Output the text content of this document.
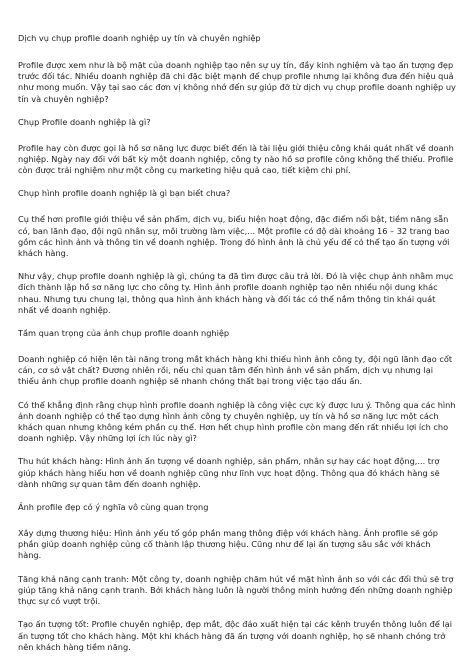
Dịch vụ chụp profile doanh nghiệp uy tín và chuyên nghiệp

Profile được xem như là bộ mặt của doanh nghiệp tạo nên sự uy tín, đầy kinh nghiệm và tạo ấn tượng đẹp trước đối tác. Nhiều doanh nghiệp đã chi đặc biệt mạnh để chụp profile nhưng lại không đưa đến hiệu quả như mong muốn. Vậy tại sao các đơn vị không nhớ đến sự giúp đỡ từ dịch vụ chụp profile doanh nghiệp uy tín và chuyên nghiệp?

Chụp Profile doanh nghiệp là gì?

Profile hay còn được gọi là hồ sơ năng lực được biết đến là tài liệu giới thiệu công khái quát nhất về doanh nghiệp. Ngày nay đối với bất kỳ một doanh nghiệp, công ty nào hồ sơ profile công không thể thiếu. Profile còn được trải nghiệm như một công cụ marketing hiệu quả cao, tiết kiệm chi phí.

Chụp hình profile doanh nghiệp là gì bạn biết chưa?

Cụ thể hơn profile giới thiệu về sản phẩm, dịch vụ, biểu hiện hoạt động, đặc điểm nổi bật, tiềm năng sẵn có, ban lãnh đạo, đội ngũ nhân sự, môi trường làm việc,... Một profile có độ dài khoảng 16 – 32 trang bao gồm các hình ảnh và thông tin về doanh nghiệp. Trong đó hình ảnh là chủ yếu để có thể tạo ấn tượng với khách hàng.

Như vậy, chụp profile doanh nghiệp là gì, chúng ta đã tìm được câu trả lời. Đó là việc chụp ảnh nhằm mục đích thành lập hồ sơ năng lực cho công ty. Hình ảnh profile doanh nghiệp tạo nên nhiều nội dung khác nhau. Nhưng tựu chung lại, thông qua hình ảnh khách hàng và đối tác có thể nắm thông tin khái quát nhất về doanh nghiệp.

Tầm quan trọng của ảnh chụp profile doanh nghiệp

Doanh nghiệp có hiện lên tài năng trong mắt khách hàng khi thiếu hình ảnh công ty, đội ngũ lãnh đạo cốt cán, cơ sở vật chất? Đương nhiên rồi, nếu chỉ quan tâm đến hình ảnh về sản phẩm, dịch vụ nhưng lại thiếu ảnh chụp profile doanh nghiệp sẽ nhanh chóng thất bại trong việc tạo dấu ấn.

Có thể khẳng định rằng chụp hình profile doanh nghiệp là công việc cực kỳ được lưu ý. Thông qua các hình ảnh doanh nghiệp có thể tạo dựng hình ảnh công ty chuyên nghiệp, uy tín và hồ sơ năng lực một cách khách quan nhưng không kém phần cụ thể. Hơn hết chụp hình profile còn mang đến rất nhiều lợi ích cho doanh nghiệp. Vậy những lợi ích lúc này gì?

Thu hút khách hàng: Hình ảnh ấn tượng về doanh nghiệp, sản phẩm, nhân sự hay các hoạt động,... trợ giúp khách hàng hiểu hơn về doanh nghiệp cũng như lĩnh vực hoạt động. Thông qua đó khách hàng sẽ dành những sự quan tâm đến doanh nghiệp.

Ảnh profile đẹp có ý nghĩa vô cùng quan trọng

Xây dựng thương hiệu: Hình ảnh yếu tố góp phần mang thông điệp với khách hàng. Ảnh profile sẽ góp phần giúp doanh nghiệp củng cố thành lập thương hiệu. Cũng như để lại ấn tượng sâu sắc với khách hàng.

Tăng khả năng cạnh tranh: Một công ty, doanh nghiệp chăm hút về mặt hình ảnh so với các đối thủ sẽ trợ giúp tăng khả năng cạnh tranh. Bởi khách hàng luôn là người thông minh hướng đến những doanh nghiệp thực sự có vượt trội.

Tạo ấn tượng tốt: Profile chuyên nghiệp, đẹp mắt, độc đáo xuất hiện tại các kênh truyền thông luôn để lại ấn tượng tốt cho khách hàng. Một khi khách hàng đã ấn tượng với doanh nghiệp, họ sẽ nhanh chóng trở nên khách hàng tiềm năng.
